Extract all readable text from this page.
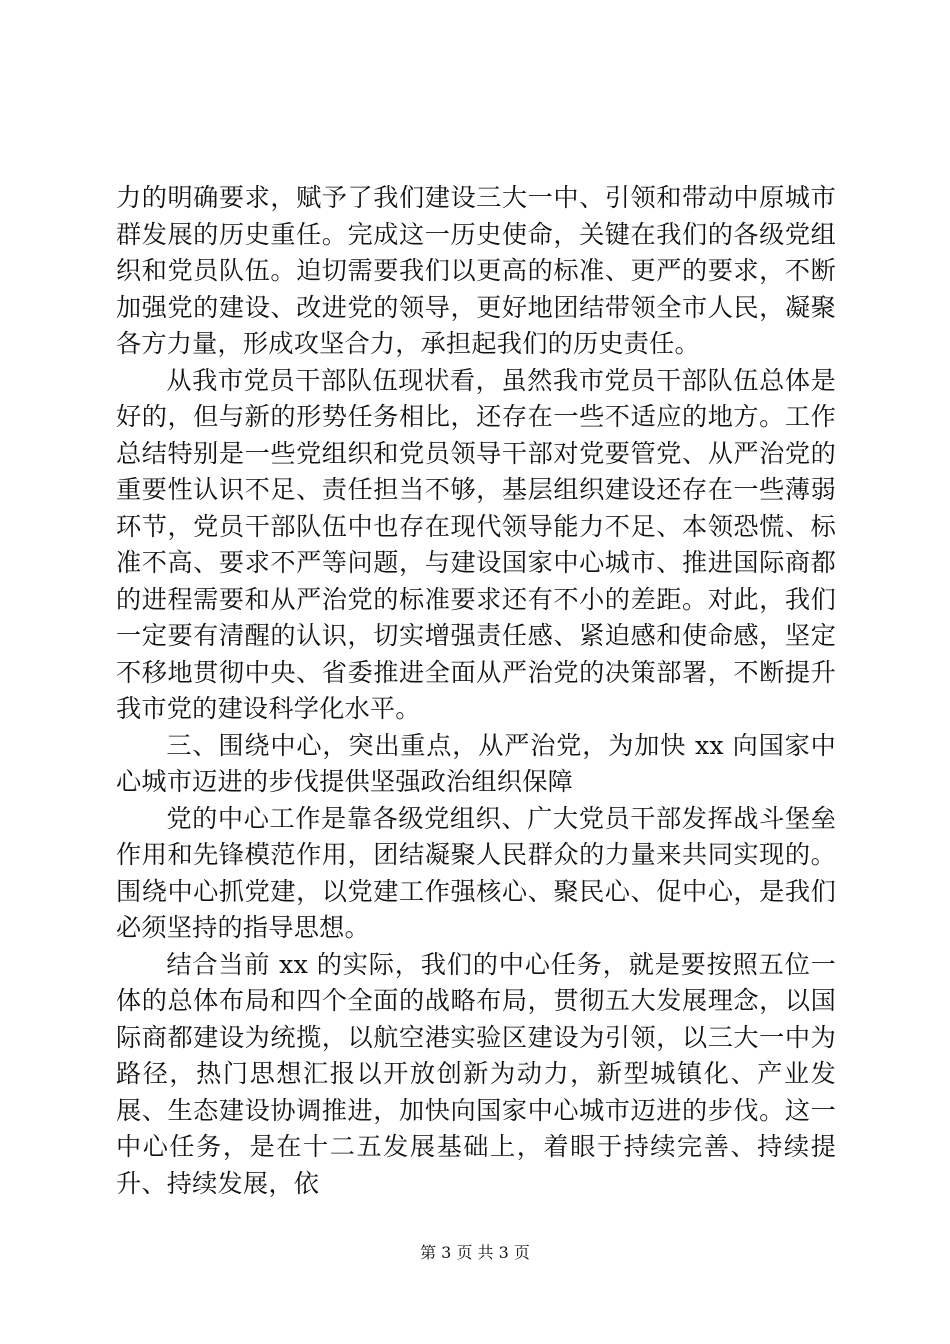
力的明确要求，赋予了我们建设三大一中、引领和带动中原城市群发展的历史重任。完成这一历史使命，关键在我们的各级党组织和党员队伍。迫切需要我们以更高的标准、更严的要求，不断加强党的建设、改进党的领导，更好地团结带领全市人民，凝聚各方力量，形成攻坚合力，承担起我们的历史责任。

从我市党员干部队伍现状看，虽然我市党员干部队伍总体是好的，但与新的形势任务相比，还存在一些不适应的地方。工作总结特别是一些党组织和党员领导干部对党要管党、从严治党的重要性认识不足、责任担当不够，基层组织建设还存在一些薄弱环节，党员干部队伍中也存在现代领导能力不足、本领恐慌、标准不高、要求不严等问题，与建设国家中心城市、推进国际商都的进程需要和从严治党的标准要求还有不小的差距。对此，我们一定要有清醒的认识，切实增强责任感、紧迫感和使命感，坚定不移地贯彻中央、省委推进全面从严治党的决策部署，不断提升我市党的建设科学化水平。

三、围绕中心，突出重点，从严治党，为加快 xx 向国家中心城市迈进的步伐提供坚强政治组织保障

党的中心工作是靠各级党组织、广大党员干部发挥战斗堡垒作用和先锋模范作用，团结凝聚人民群众的力量来共同实现的。围绕中心抓党建，以党建工作强核心、聚民心、促中心，是我们必须坚持的指导思想。

结合当前 xx 的实际，我们的中心任务，就是要按照五位一体的总体布局和四个全面的战略布局，贯彻五大发展理念，以国际商都建设为统揽，以航空港实验区建设为引领，以三大一中为路径，热门思想汇报以开放创新为动力，新型城镇化、产业发展、生态建设协调推进，加快向国家中心城市迈进的步伐。这一中心任务，是在十二五发展基础上，着眼于持续完善、持续提升、持续发展，依

第 3 页 共 3 页
